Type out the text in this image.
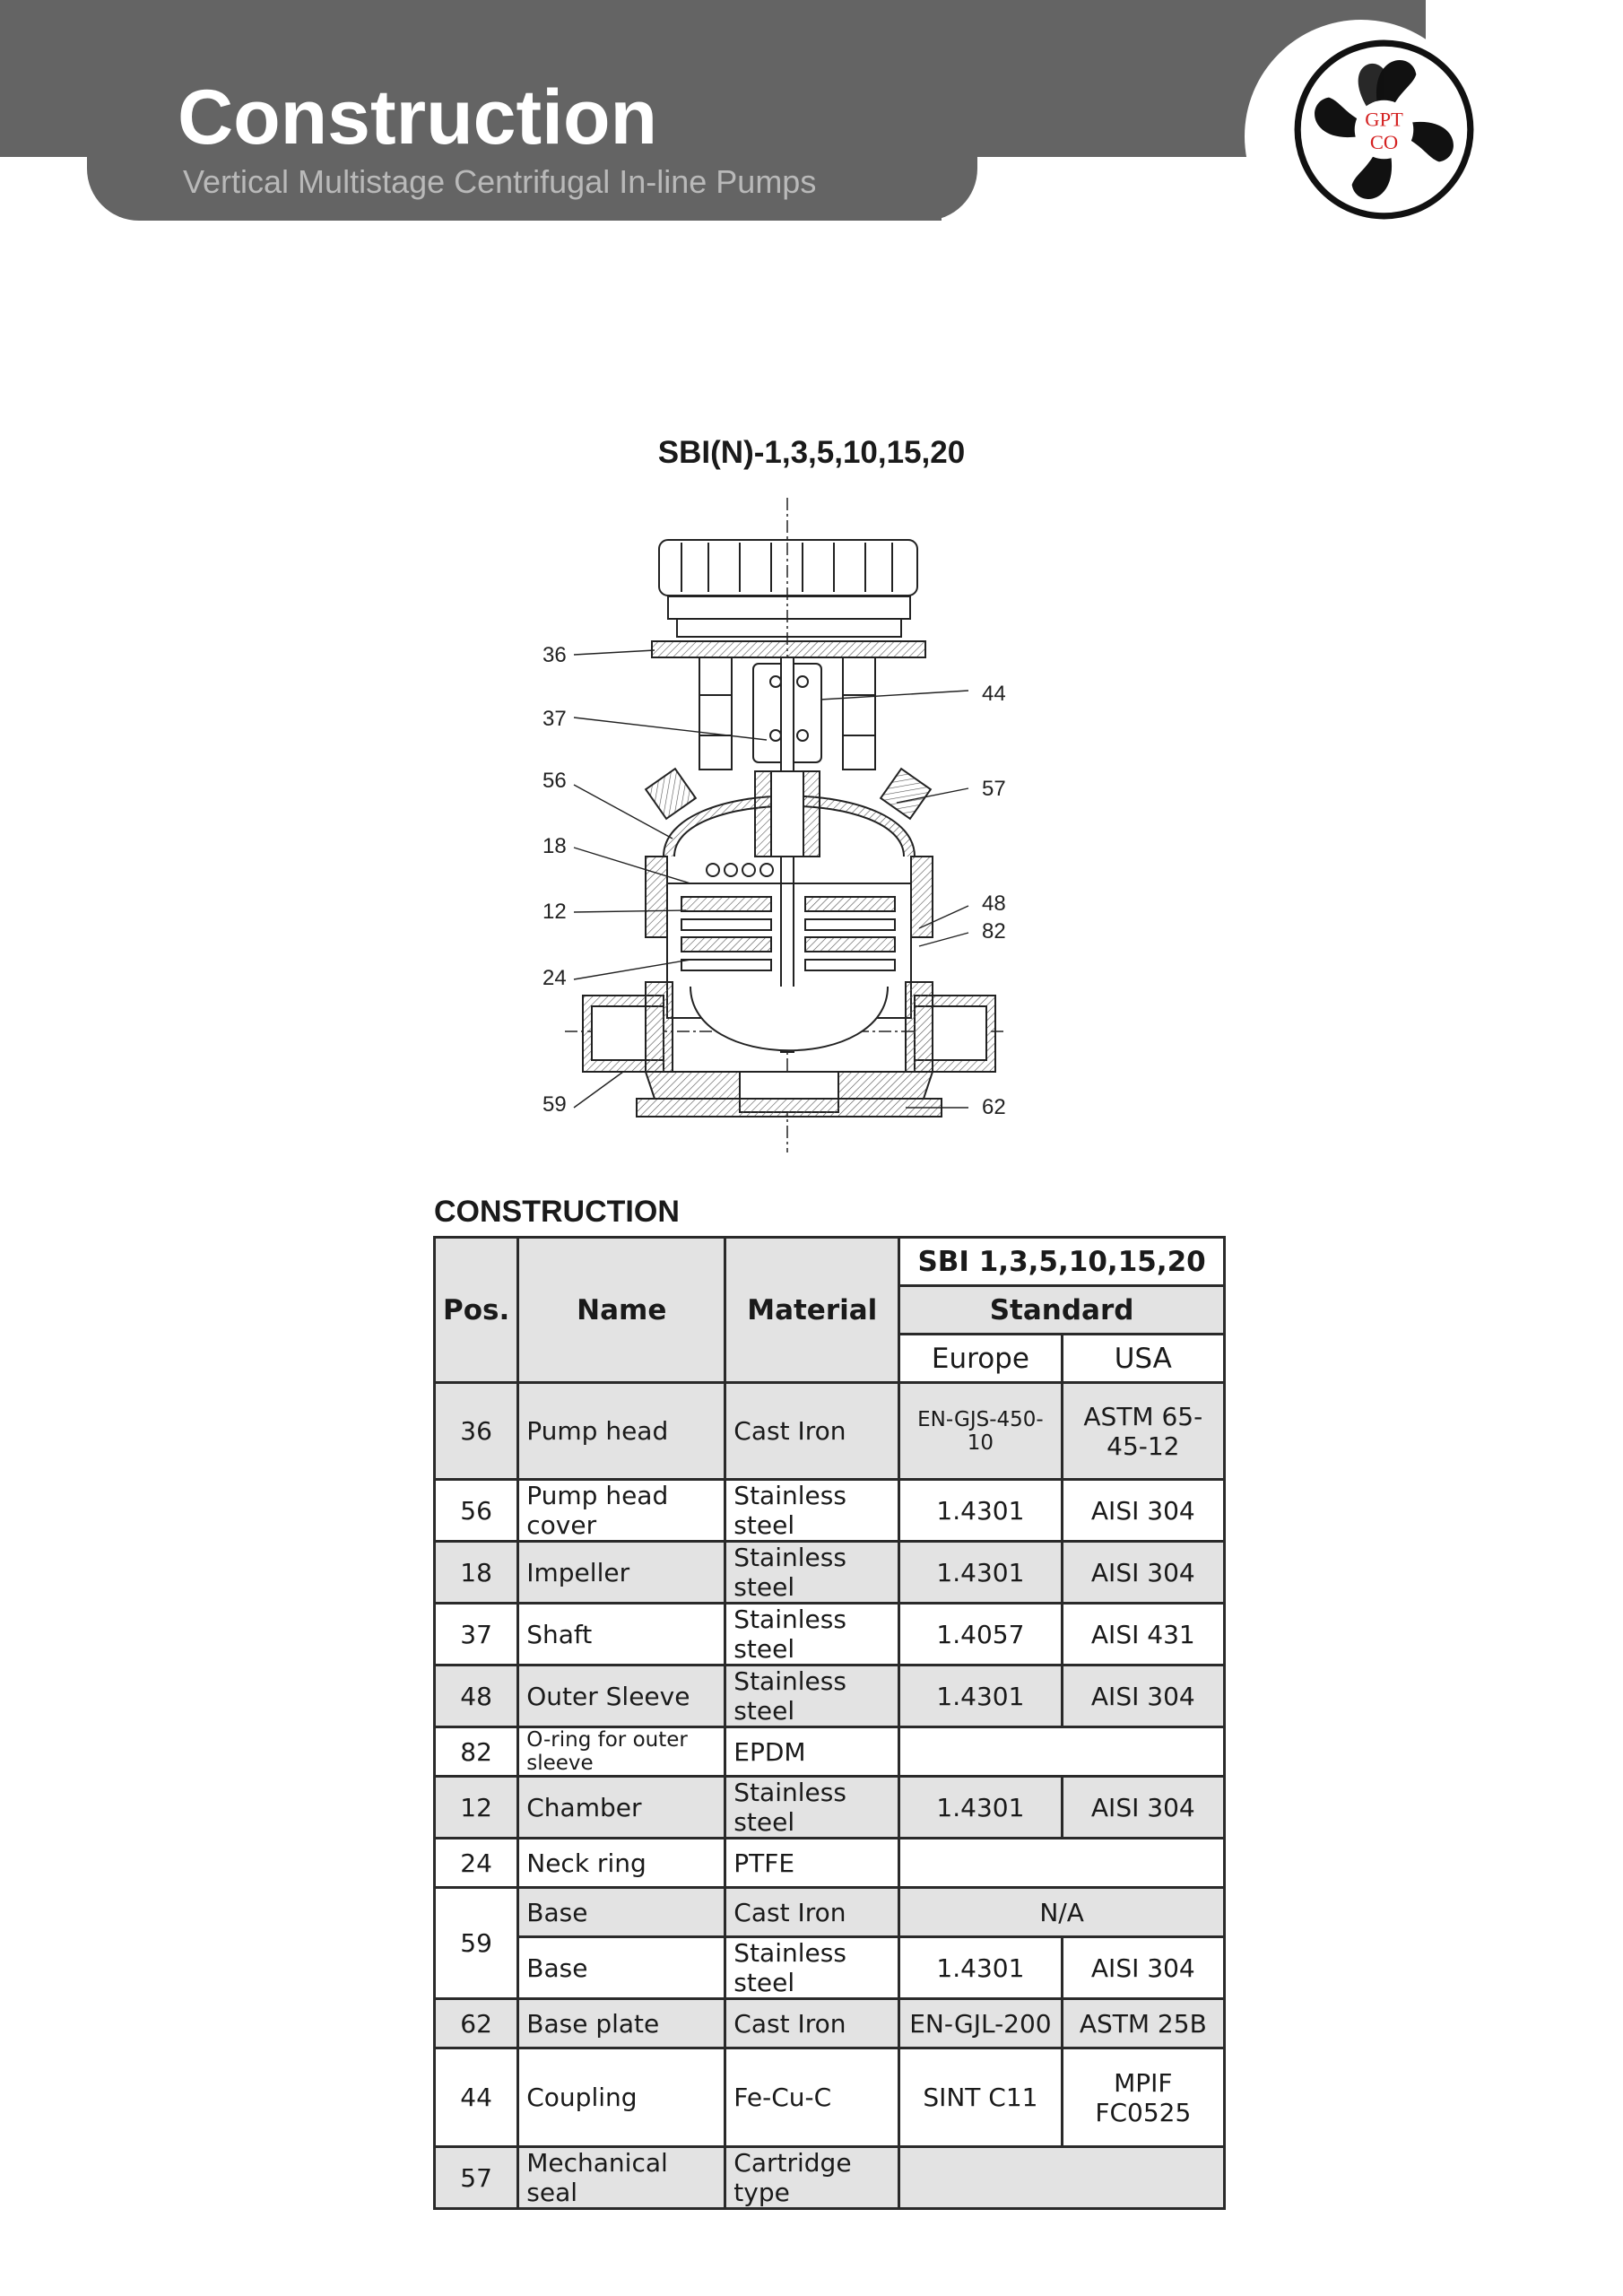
Construction
Vertical Multistage Centrifugal In-line Pumps
GPT
CO
SBI(N)-1,3,5,10,15,20
36
37
56
18
12
24
59
44
57
48
82
62
CONSTRUCTION
Pos.	Name	Material	SBI 1,3,5,10,15,20	
			Standard	
			Europe	USA
36	Pump head	Cast Iron	EN-GJS-450-10	ASTM 65-45-12
56	Pump head cover	Stainless steel	1.4301	AISI 304
18	Impeller	Stainless steel	1.4301	AISI 304
37	Shaft	Stainless steel	1.4057	AISI 431
48	Outer Sleeve	Stainless steel	1.4301	AISI 304
82	O-ring for outer sleeve	EPDM		
12	Chamber	Stainless steel	1.4301	AISI 304
24	Neck ring	PTFE		
59	Base	Cast Iron	N/A	
	Base	Stainless steel	1.4301	AISI 304
62	Base plate	Cast Iron	EN-GJL-200	ASTM 25B
44	Coupling	Fe-Cu-C	SINT C11	MPIF FC0525
57	Mechanical seal	Cartridge type		
